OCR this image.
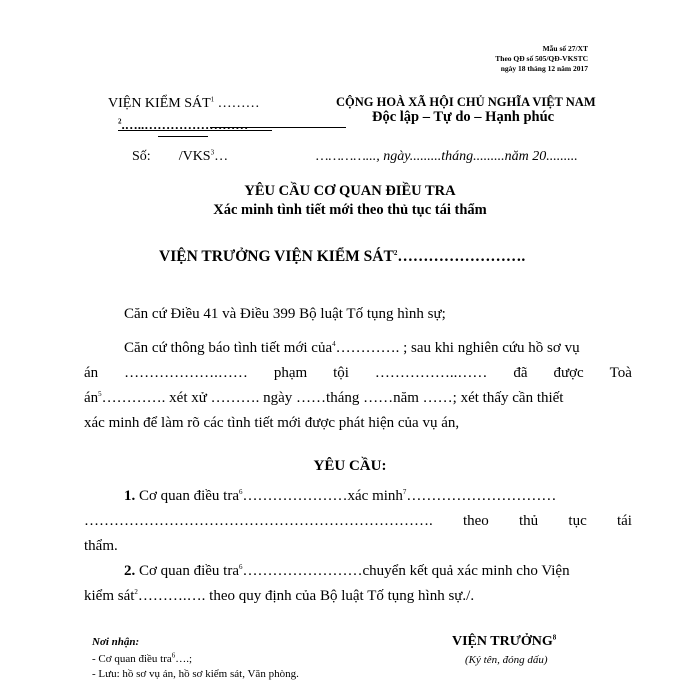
Mẫu số 27/XT
Theo QĐ số 505/QĐ-VKSTC
ngày 18 tháng 12 năm 2017
VIỆN KIỂM SÁT$^1$ ………
$^2$.…..……………………
CỘNG HOÀ XÃ HỘI CHỦ NGHĨA VIỆT NAM
Độc lập – Tự do – Hạnh phúc
Số: /VKS$^3$…	…………..., ngày.........tháng.........năm 20.........
YÊU CẦU CƠ QUAN ĐIỀU TRA
Xác minh tình tiết mới theo thủ tục tái thẩm
VIỆN TRƯỞNG VIỆN KIỂM SÁT$^2$…………………….
Căn cứ Điều 41 và Điều 399 Bộ luật Tố tụng hình sự;
Căn cứ thông báo tình tiết mới của$^4$…………. ; sau khi nghiên cứu hồ sơ vụ
án ……………….…… phạm tội ……………..…… đã được Toà
$án^5\dots\dots\dots\dots$. xét xử ………. ngày ……tháng ……năm ……; xét thấy cần thiết
xác minh để làm rõ các tình tiết mới được phát hiện của vụ án,
YÊU CẦU:
1. Cơ quan điều tra$^6$…………………xác minh$^7$…………………………
……………………………………………………………. theo thủ tục tái
thẩm.
2. Cơ quan điều tra$^6$……………………chuyển kết quả xác minh cho Viện
kiểm sát$^2$……….…. theo quy định của Bộ luật Tố tụng hình sự./.
Nơi nhận:
- Cơ quan điều tra$^6$….;
- Lưu: hồ sơ vụ án, hồ sơ kiểm sát, Văn phòng.
VIỆN TRƯỞNG$^8$
(Ký tên, đóng dấu)
